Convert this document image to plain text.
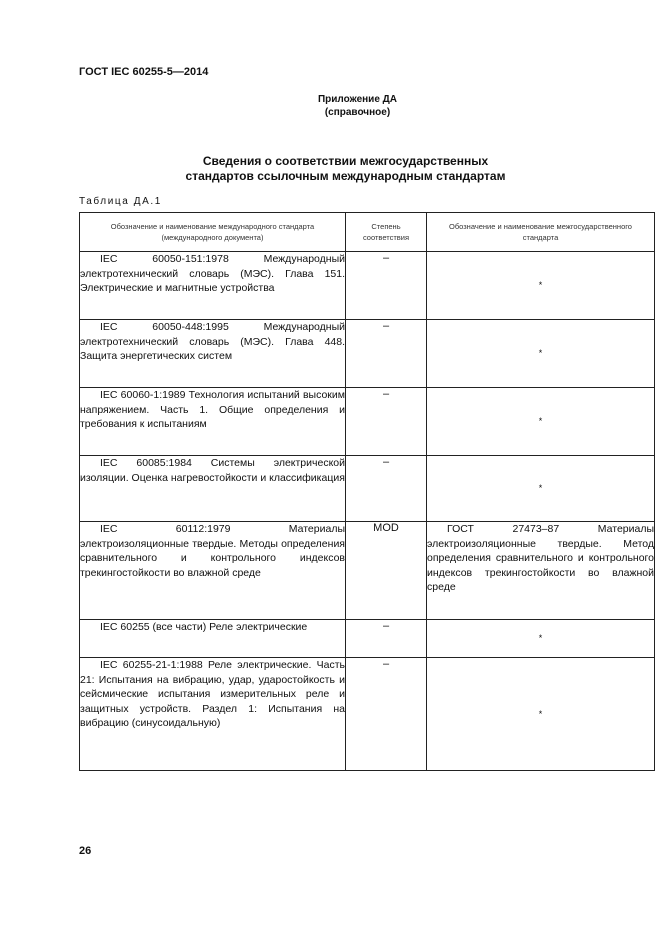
ГОСТ IEC 60255-5—2014
Приложение ДА
(справочное)
Сведения о соответствии межгосударственных
стандартов ссылочным международным стандартам
Таблица ДА.1
Обозначение и наименование международного стандарта (международного документа)	Степень соответствия	Обозначение и наименование межгосударственного стандарта

IEC 60050-151:1978 Международный электротехнический словарь (МЭС). Глава 151. Электрические и магнитные устройства	–	*

IEC 60050-448:1995 Международный электротехнический словарь (МЭС). Глава 448. Защита энергетических систем	–	*

IEC 60060-1:1989 Технология испытаний высоким напряжением. Часть 1. Общие определения и требования к испытаниям	–	*

IEC 60085:1984 Системы электрической изоляции. Оценка нагревостойкости и классификация	–	*

IEC 60112:1979 Материалы электроизоляционные твердые. Методы определения сравнительного и контрольного индексов трекингостойкости во влажной среде	MOD	ГОСТ 27473–87 Материалы электроизоляционные твердые. Метод определения сравнительного и контрольного индексов трекингостойкости во влажной среде

IEC 60255 (все части) Реле электрические	–	*

IEC 60255-21-1:1988 Реле электрические. Часть 21: Испытания на вибрацию, удар, ударостойкость и сейсмические испытания измерительных реле и защитных устройств. Раздел 1: Испытания на вибрацию (синусоидальную)	–	*
26
